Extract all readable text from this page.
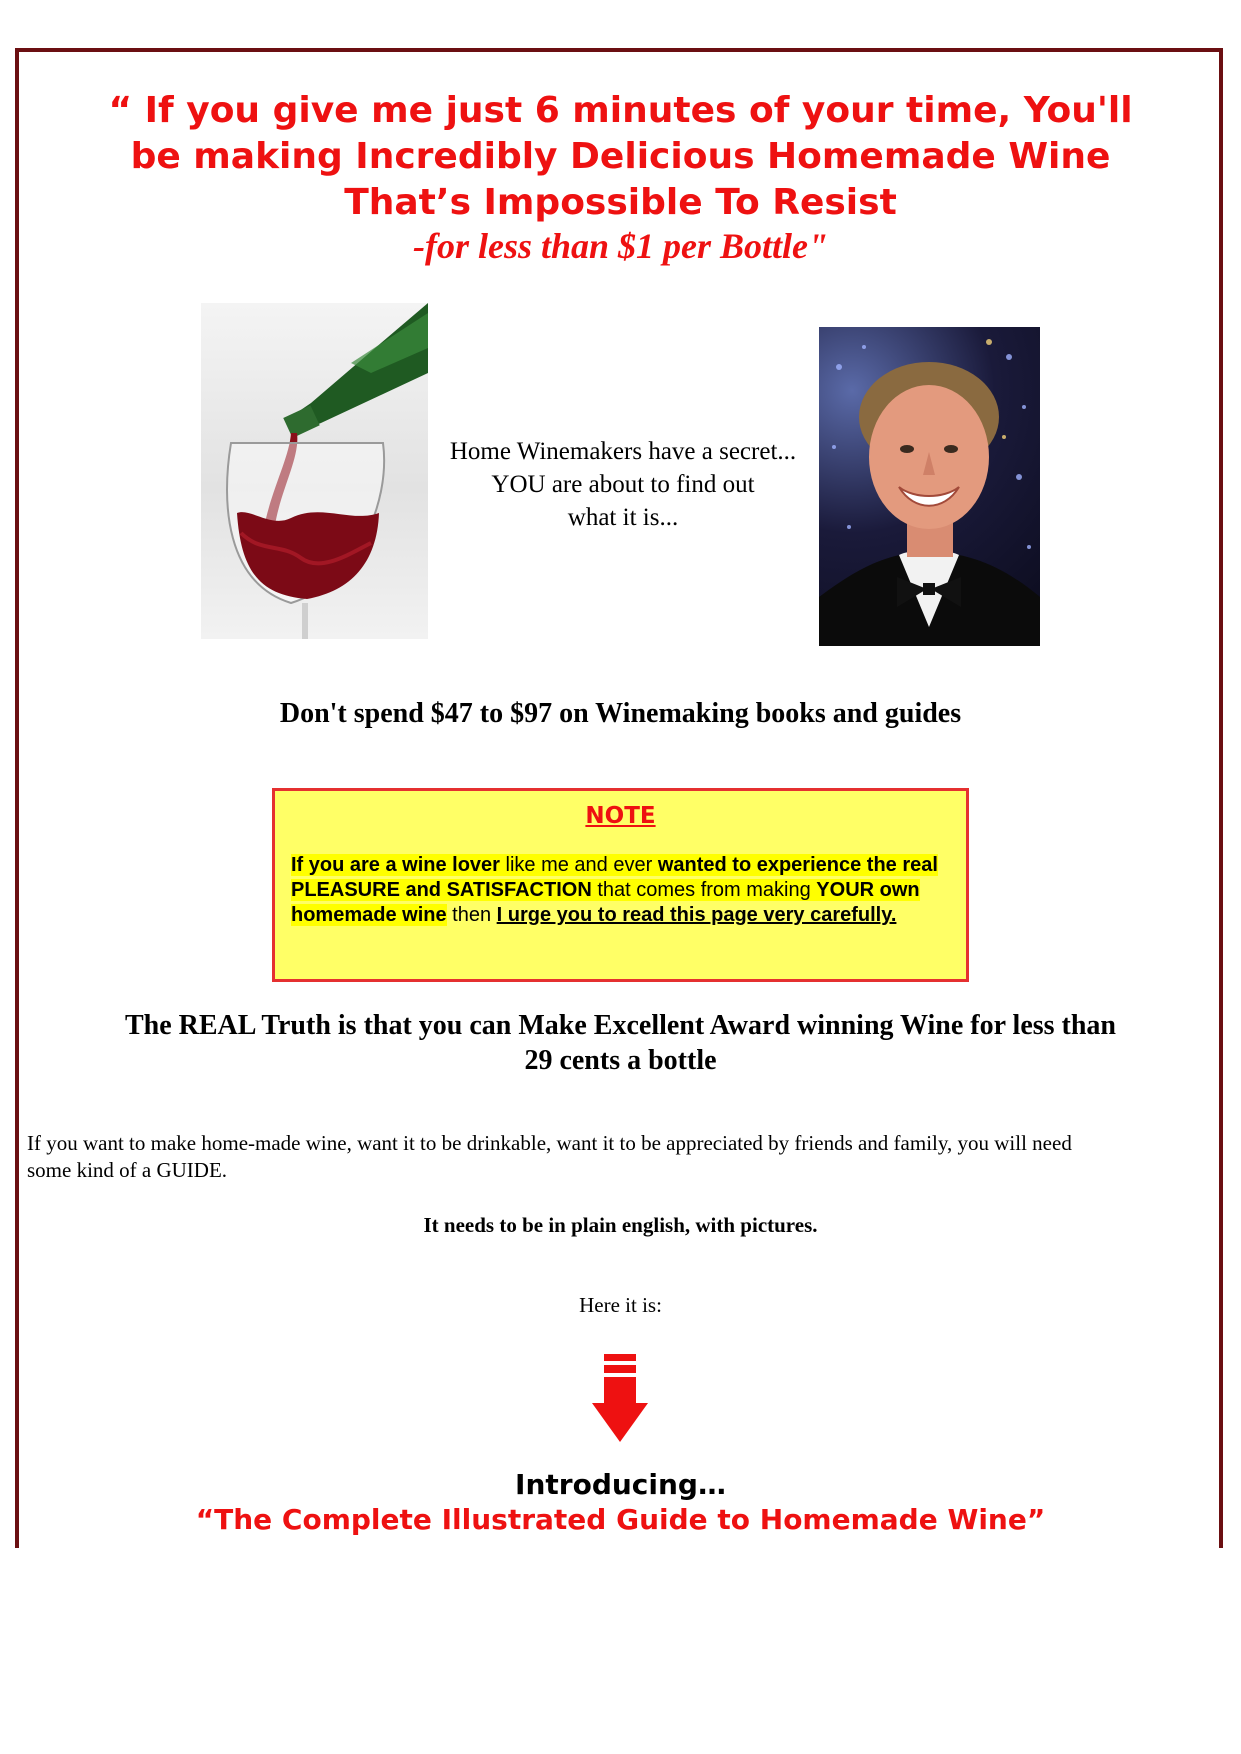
“ If you give me just 6 minutes of your time, You'll
be making Incredibly Delicious Homemade Wine
That’s Impossible To Resist
-for less than $1 per Bottle"
Home Winemakers have a secret...
YOU are about to find out
what it is...
Don't spend $47 to $97 on Winemaking books and guides
NOTE
If you are a wine lover like me and ever wanted to experience the real PLEASURE and SATISFACTION that comes from making YOUR own homemade wine then I urge you to read this page very carefully.
The REAL Truth is that you can Make Excellent Award winning Wine for less than 29 cents a bottle
If you want to make home-made wine, want it to be drinkable, want it to be appreciated by friends and family, you will need some kind of a GUIDE.
It needs to be in plain english, with pictures.
Here it is:
Introducing…
“The Complete Illustrated Guide to Homemade Wine”
